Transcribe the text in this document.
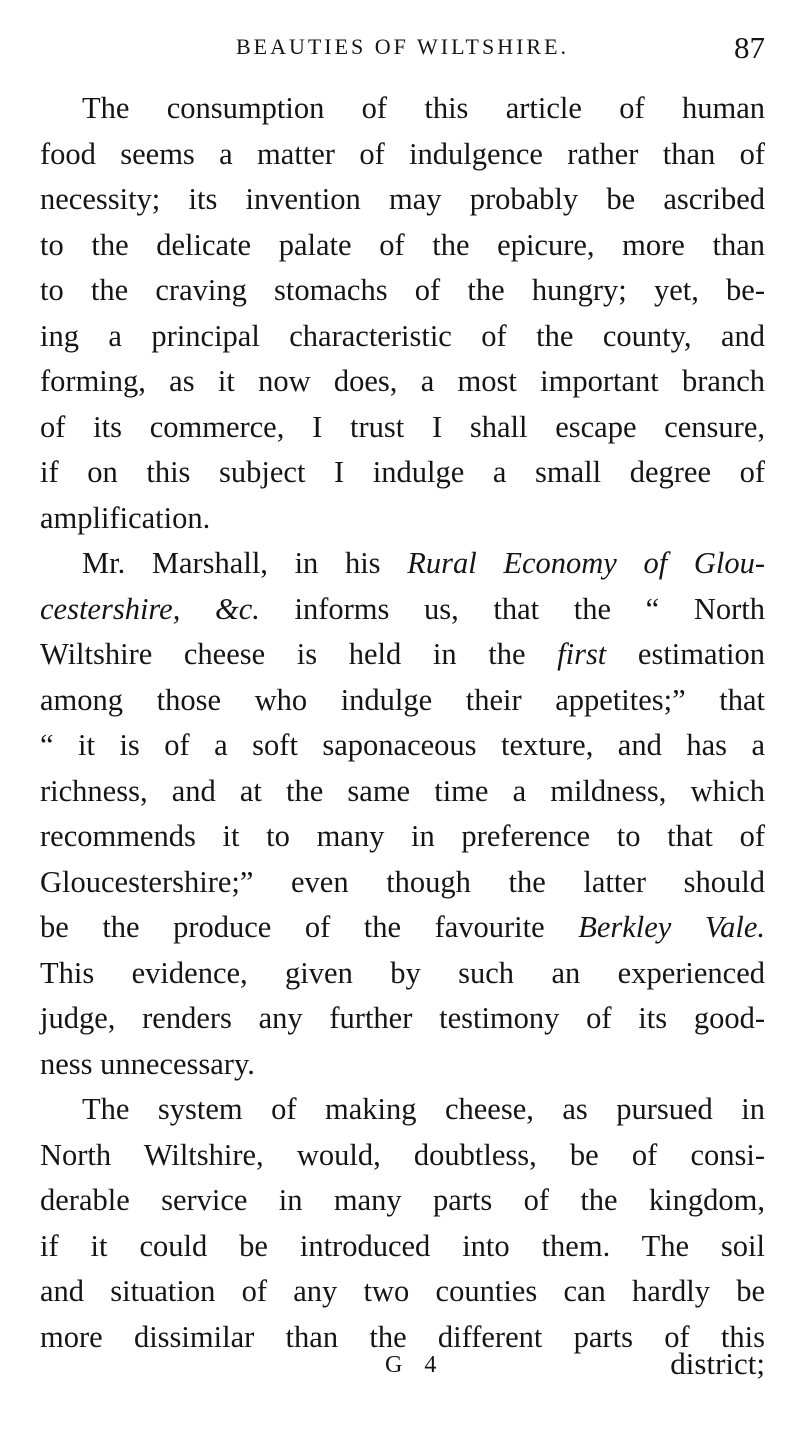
BEAUTIES OF WILTSHIRE.	87
The consumption of this article of human
food seems a matter of indulgence rather than of
necessity; its invention may probably be ascribed
to the delicate palate of the epicure, more than
to the craving stomachs of the hungry; yet, be-
ing a principal characteristic of the county, and
forming, as it now does, a most important branch
of its commerce, I trust I shall escape censure,
if on this subject I indulge a small degree of
amplification.
Mr. Marshall, in his Rural Economy of Glou-
cestershire, &c. informs us, that the “ North
Wiltshire cheese is held in the first estimation
among those who indulge their appetites;” that
“ it is of a soft saponaceous texture, and has a
richness, and at the same time a mildness, which
recommends it to many in preference to that of
Gloucestershire;” even though the latter should
be the produce of the favourite Berkley Vale.
This evidence, given by such an experienced
judge, renders any further testimony of its good-
ness unnecessary.
The system of making cheese, as pursued in
North Wiltshire, would, doubtless, be of consi-
derable service in many parts of the kingdom,
if it could be introduced into them. The soil
and situation of any two counties can hardly be
more dissimilar than the different parts of this
G 4	district;
